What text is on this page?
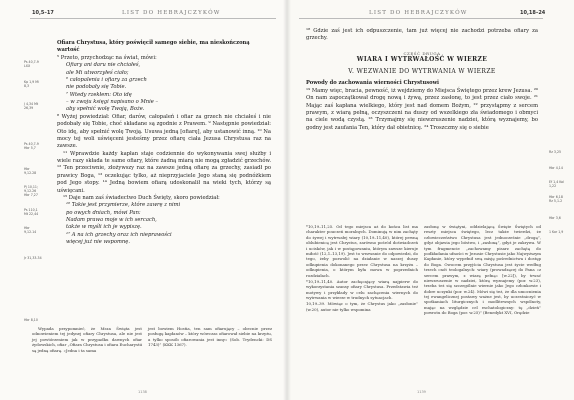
10,5–17	LIST DO HEBRAJCZYKÓW
Ps 40,7-9 LXX
Kp 1,9 Mi 8,3
J 4,34 Mt 26,39
Ps 40,7-9 Hbr 5,7
Hbr 9,12.28
Pj 10,11; 9,12.26 Hbr 7,27
Ps 110,1 Mt 22,44
Hbr 9,12.14
Jr 31,33-34
Hbr 8,10

Ofiara Chrystusa, który poświęcił samego siebie, ma nieskończoną wartość

⁵ Przeto, przychodząc na świat, mówi:

Ofiary ani daru nie chciałeś,

ale Mi utworzyłeś ciało;

⁶ całopalenia i ofiary za grzech

nie podobały się Tobie.

⁷ Wtedy rzekłem: Oto idę

– w zwoju księgi napisano o Mnie –

aby spełnić wolę Twoją, Boże.

⁸ Wyżej powiedział: Ofiar, darów, całopaleń i ofiar za grzech nie chciałeś i nie podobały się Tobie, choć składane są zgodnie z Prawem. ⁹ Następnie powiedział: Oto idę, aby spełnić wolę Twoją. Usuwa jedną [ofiarę], aby ustanowić inną. ¹⁰ Na mocy tej woli uświęceni jesteśmy przez ofiarę ciała Jezusa Chrystusa raz na zawsze.

¹¹ Wprawdzie każdy kapłan staje codziennie do wykonywania swej służby i wiele razy składa te same ofiary, które żadną miarą nie mogą zgładzić grzechów. ¹² Ten przeciwnie, złożywszy raz na zawsze jedną ofiarę za grzechy, zasiadł po prawicy Boga, ¹³ oczekując tylko, aż nieprzyjaciele Jego staną się podnóżkiem pod Jego stopy. ¹⁴ Jedną bowiem ofiarą udoskonalił na wieki tych, którzy są uświęcani.

¹⁵ Daje nam zaś świadectwo Duch Święty, skoro powiedział:

¹⁶ Takie jest przymierze, które zawrę z nimi

po owych dniach, mówi Pan:

Nadam prawa moje w ich sercach,

także w myśli ich je wypiszę.

¹⁷ A na ich grzechy oraz ich nieprawości

więcej już nie wspomnę.

Wypada przypomnieć, że Msza Święta jest odnowieniem tej jedynej ofiary Chrystusa, ale nie jest jej powtórzeniem jak w przypadku dawnych ofiar żydowskich, ofiar „Ofiara Chrystusa i ofiara Eucharystii są jedną ofiarą. »Jedna i ta sama

jest bowiem Hostia, ten sam ofiarujący – obecnie przez posługę kapłanów – który wówczas ofiarował siebie na krzyżu, a tylko sposób ofiarowania jest inny« (Sob. Trydencki: DS 1743)” (KKK 1367).

1138
LIST DO HEBRAJCZYKÓW	10,18–24
Rz 3,25
Hbr 4,14
Ef 1,4 Kol 1,22
Hbr 6,18 Rz 5,1-2
Hbr 3,6
1 Kor 1,9

¹⁸ Gdzie zaś jest ich odpuszczenie, tam już więcej nie zachodzi potrzeba ofiary za grzechy.

CZĘŚĆ DRUGA

WIARA I WYTRWAŁOŚĆ W WIERZE

V. WEZWANIE DO WYTRWANIA W WIERZE

Powody do zachowania wierności Chrystusowi

¹⁹ Mamy więc, bracia, pewność, iż wejdziemy do Miejsca Świętego przez krew Jezusa. ²⁰ On nam zapoczątkował drogę nową i żywą, przez zasłonę, to jest przez ciało swoje. ²¹ Mając zaś kapłana wielkiego, który jest nad domem Bożym, ²² przystąpmy z sercem prawym, z wiarą pełną, oczyszczeni na duszy od wszelkiego zła świadomego i obmyci na ciele wodą czystą. ²³ Trzymajmy się niewzruszenie nadziei, którą wyznajemy, bo godny jest zaufania Ten, który dał obietnicę. ²⁴ Troszczmy się o siebie

*10,19–11,25. Od tego miejsca aż do końca list ma charakter pouczeń moralnych. Dominują w nim zachęty do żywej i wytrwałej wiary (10,19–11,40), której pewną oblubienicą jest Chrystus, zarówno pośród doświadczeń i ucisków, jak i w postępowaniu, którym zawsze kieruje miłość (12,1–13,19). Jest to wezwanie do odpowiedzi, do tego, żeby pozwolić na działanie w naszej duszy odkupienia dokonanego przez Chrystusa na krzyżu – odkupienia, o którym była mowa w poprzednich rozdziałach.

*10,19–11,40. Autor zachęcający wiarą najpierw do wykorzystania szansy ofiary Chrystusa. Przedstawia też motywy i przykłady w celu zachęcenia wiernych do wytrwania w wierze w trudnych sytuacjach.

10,19–39. Mówiąc o tym, że Chrystus jako „zasłonie” (w.20), autor nie tylko wspomina

zasłonę w świątyni, oddzielającą Święte Świętych od reszty miejsca świętego, lecz także twierdzi, że człowieczeństwo Chrystusa jest jednocześnie „drogą”, gdyż objawia jego bóstwo, i „zasłoną”, gdyż je zakrywa. W tym fragmencie „zachowamy pisarz zachętą do podkładania ufności w Jezusie Chrystusie jako Najwyższym Kapłanie, który wypełnił swą misję pośrednictwa i dostęp do Boga. Owocem przyjścia Chrystusa jest życie według trzech cnót teologalnych: wiary (prowadzącej do Pana »z sercem prawym, z wiarą pełną« [w.22]), by trwać niewzruszenie w nadziei, którą wyznajemy (por. w.23), trzeba też się szczególnie wiernie jako Jego członkowie i dobre uczynki (por. w.24). Mówi się też, że dla umocnienia tej ewangelicznej postawy ważne jest, by uczestniczyć w spotkaniach liturgicznych i modlitewnych wspólnoty, mając na względzie cel eschatologiczny: tę „dzień” powrotu do Boga (por. w.25)” (Benedykt XVI, Orędzie

1139
